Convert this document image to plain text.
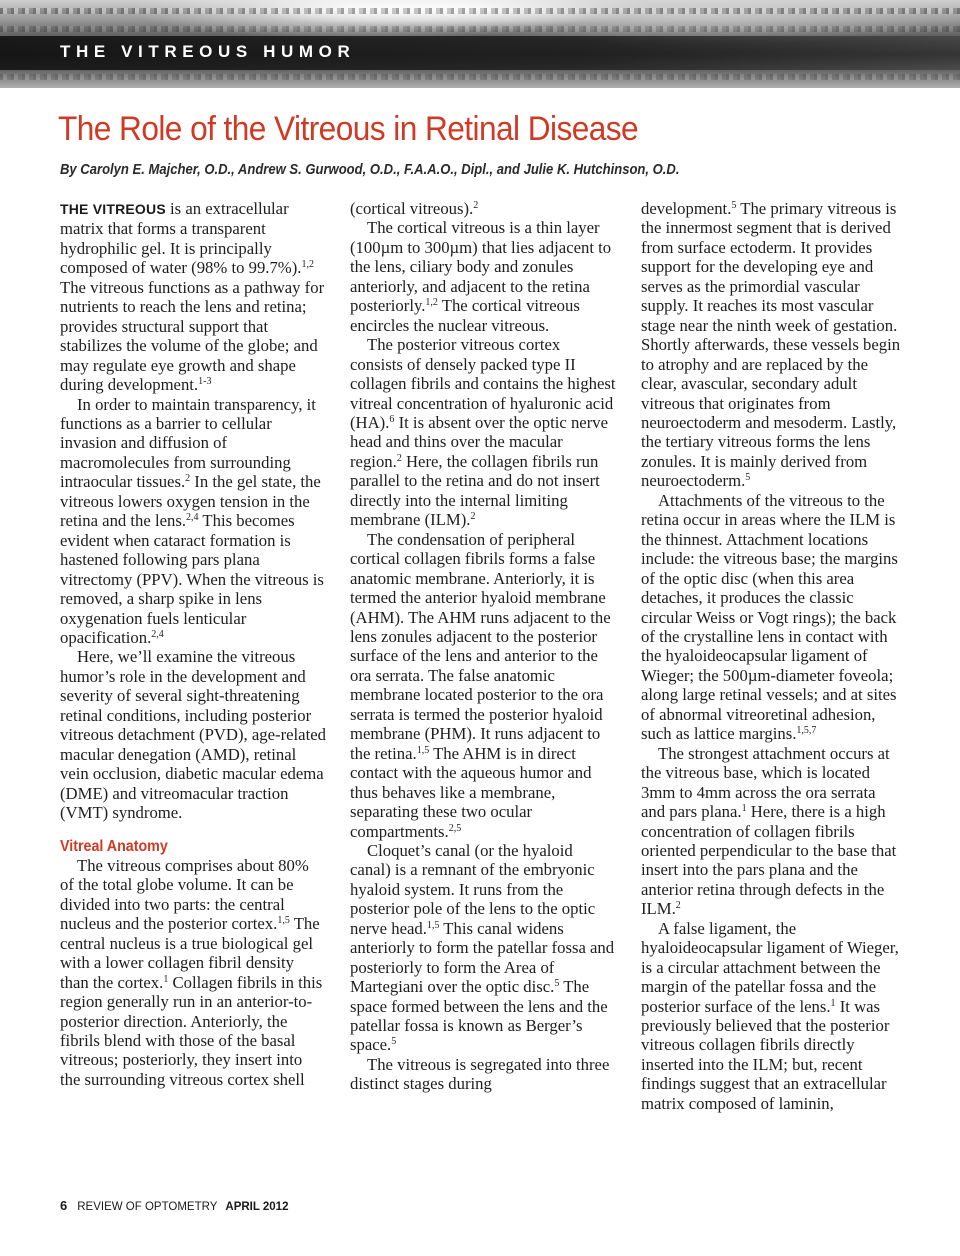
THE VITREOUS HUMOR
The Role of the Vitreous in Retinal Disease
By Carolyn E. Majcher, O.D., Andrew S. Gurwood, O.D., F.A.A.O., Dipl., and Julie K. Hutchinson, O.D.

THE VITREOUS is an extracellular matrix that forms a transparent hydrophilic gel. It is principally composed of water (98% to 99.7%).$^{1,2}$ The vitreous functions as a pathway for nutrients to reach the lens and retina; provides structural support that stabilizes the volume of the globe; and may regulate eye growth and shape during development.$^{1-3}$

In order to maintain transparency, it functions as a barrier to cellular invasion and diffusion of macromolecules from surrounding intraocular tissues.$^2$ In the gel state, the vitreous lowers oxygen tension in the retina and the lens.$^{2,4}$ This becomes evident when cataract formation is hastened following pars plana vitrectomy (PPV). When the vitreous is removed, a sharp spike in lens oxygenation fuels lenticular opacification.$^{2,4}$

Here, we’ll examine the vitreous humor’s role in the development and severity of several sight-threatening retinal conditions, including posterior vitreous detachment (PVD), age-related macular denegation (AMD), retinal vein occlusion, diabetic macular edema (DME) and vitreomacular traction (VMT) syndrome.

Vitreal Anatomy

The vitreous comprises about 80% of the total globe volume. It can be divided into two parts: the central nucleus and the posterior cortex.$^{1,5}$ The central nucleus is a true biological gel with a lower collagen fibril density than the cortex.$^1$ Collagen fibrils in this region generally run in an anterior-to-posterior direction. Anteriorly, the fibrils blend with those of the basal vitreous; posteriorly, they insert into the surrounding vitreous cortex shell

(cortical vitreous).$^2$

The cortical vitreous is a thin layer (100µm to 300µm) that lies adjacent to the lens, ciliary body and zonules anteriorly, and adjacent to the retina posteriorly.$^{1,2}$ The cortical vitreous encircles the nuclear vitreous.

The posterior vitreous cortex consists of densely packed type II collagen fibrils and contains the highest vitreal concentration of hyaluronic acid (HA).$^6$ It is absent over the optic nerve head and thins over the macular region.$^2$ Here, the collagen fibrils run parallel to the retina and do not insert directly into the internal limiting membrane (ILM).$^2$

The condensation of peripheral cortical collagen fibrils forms a false anatomic membrane. Anteriorly, it is termed the anterior hyaloid membrane (AHM). The AHM runs adjacent to the lens zonules adjacent to the posterior surface of the lens and anterior to the ora serrata. The false anatomic membrane located posterior to the ora serrata is termed the posterior hyaloid membrane (PHM). It runs adjacent to the retina.$^{1,5}$ The AHM is in direct contact with the aqueous humor and thus behaves like a membrane, separating these two ocular compartments.$^{2,5}$

Cloquet’s canal (or the hyaloid canal) is a remnant of the embryonic hyaloid system. It runs from the posterior pole of the lens to the optic nerve head.$^{1,5}$ This canal widens anteriorly to form the patellar fossa and posteriorly to form the Area of Martegiani over the optic disc.$^5$ The space formed between the lens and the patellar fossa is known as Berger’s space.$^5$

The vitreous is segregated into three distinct stages during

development.$^5$ The primary vitreous is the innermost segment that is derived from surface ectoderm. It provides support for the developing eye and serves as the primordial vascular supply. It reaches its most vascular stage near the ninth week of gestation. Shortly afterwards, these vessels begin to atrophy and are replaced by the clear, avascular, secondary adult vitreous that originates from neuroectoderm and mesoderm. Lastly, the tertiary vitreous forms the lens zonules. It is mainly derived from neuroectoderm.$^5$

Attachments of the vitreous to the retina occur in areas where the ILM is the thinnest. Attachment locations include: the vitreous base; the margins of the optic disc (when this area detaches, it produces the classic circular Weiss or Vogt rings); the back of the crystalline lens in contact with the hyaloideocapsular ligament of Wieger; the 500µm-diameter foveola; along large retinal vessels; and at sites of abnormal vitreoretinal adhesion, such as lattice margins.$^{1,5,7}$

The strongest attachment occurs at the vitreous base, which is located 3mm to 4mm across the ora serrata and pars plana.$^1$ Here, there is a high concentration of collagen fibrils oriented perpendicular to the base that insert into the pars plana and the anterior retina through defects in the ILM.$^2$

A false ligament, the hyaloideocapsular ligament of Wieger, is a circular attachment between the margin of the patellar fossa and the posterior surface of the lens.$^1$ It was previously believed that the posterior vitreous collagen fibrils directly inserted into the ILM; but, recent findings suggest that an extracellular matrix composed of laminin,

6 REVIEW OF OPTOMETRY APRIL 2012
